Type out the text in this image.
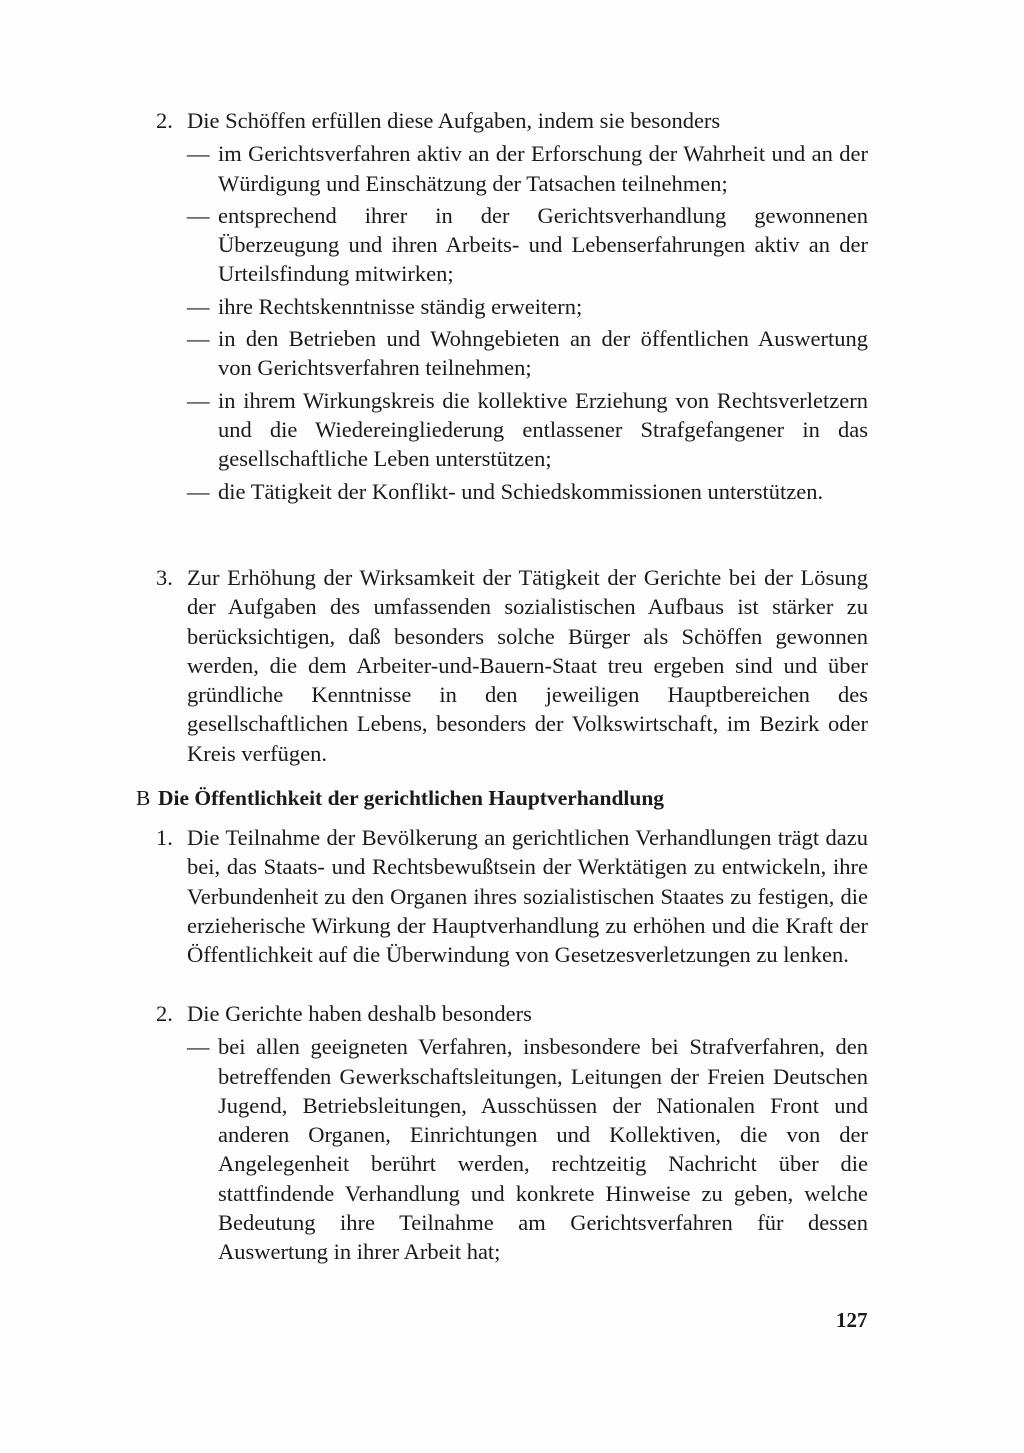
2. Die Schöffen erfüllen diese Aufgaben, indem sie besonders
— im Gerichtsverfahren aktiv an der Erforschung der Wahrheit und an der Würdigung und Einschätzung der Tatsachen teilnehmen;
— entsprechend ihrer in der Gerichtsverhandlung gewonnenen Überzeugung und ihren Arbeits- und Lebenserfahrungen aktiv an der Urteilsfindung mitwirken;
— ihre Rechtskenntnisse ständig erweitern;
— in den Betrieben und Wohngebieten an der öffentlichen Auswertung von Gerichtsverfahren teilnehmen;
— in ihrem Wirkungskreis die kollektive Erziehung von Rechtsverletzern und die Wiedereingliederung entlassener Strafgefangener in das gesellschaftliche Leben unterstützen;
— die Tätigkeit der Konflikt- und Schiedskommissionen unterstützen.
3. Zur Erhöhung der Wirksamkeit der Tätigkeit der Gerichte bei der Lösung der Aufgaben des umfassenden sozialistischen Aufbaus ist stärker zu berücksichtigen, daß besonders solche Bürger als Schöffen gewonnen werden, die dem Arbeiter-und-Bauern-Staat treu ergeben sind und über gründliche Kenntnisse in den jeweiligen Hauptbereichen des gesellschaftlichen Lebens, besonders der Volkswirtschaft, im Bezirk oder Kreis verfügen.
B Die Öffentlichkeit der gerichtlichen Hauptverhandlung
1. Die Teilnahme der Bevölkerung an gerichtlichen Verhandlungen trägt dazu bei, das Staats- und Rechtsbewußtsein der Werktätigen zu entwickeln, ihre Verbundenheit zu den Organen ihres sozialistischen Staates zu festigen, die erzieherische Wirkung der Hauptverhandlung zu erhöhen und die Kraft der Öffentlichkeit auf die Überwindung von Gesetzesverletzungen zu lenken.
2. Die Gerichte haben deshalb besonders
— bei allen geeigneten Verfahren, insbesondere bei Strafverfahren, den betreffenden Gewerkschaftsleitungen, Leitungen der Freien Deutschen Jugend, Betriebsleitungen, Ausschüssen der Nationalen Front und anderen Organen, Einrichtungen und Kollektiven, die von der Angelegenheit berührt werden, rechtzeitig Nachricht über die stattfindende Verhandlung und konkrete Hinweise zu geben, welche Bedeutung ihre Teilnahme am Gerichtsverfahren für dessen Auswertung in ihrer Arbeit hat;
127
